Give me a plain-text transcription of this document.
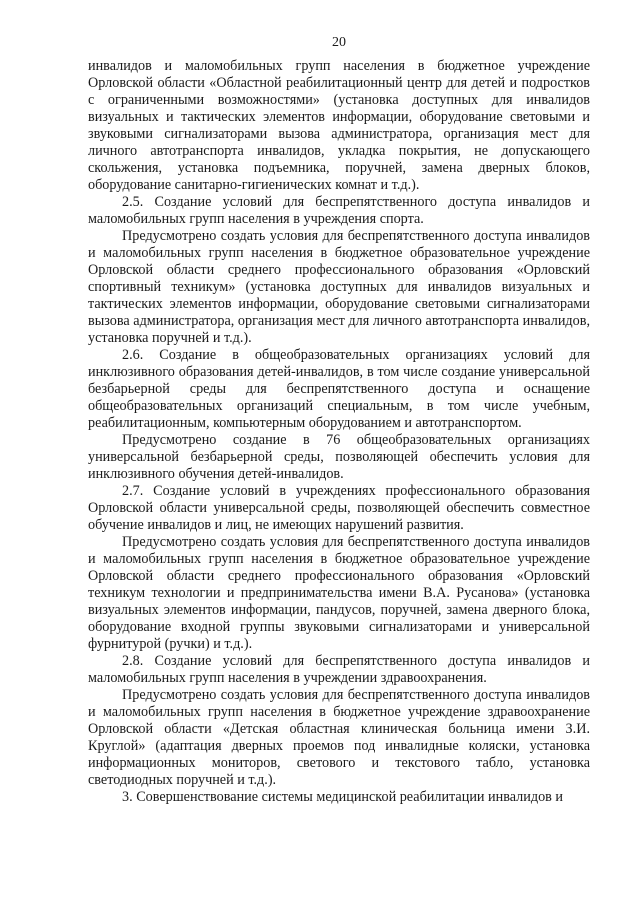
20

инвалидов и маломобильных групп населения в бюджетное учреждение Орловской области «Областной реабилитационный центр для детей и подростков с ограниченными возможностями» (установка доступных для инвалидов визуальных и тактических элементов информации, оборудование световыми и звуковыми сигнализаторами вызова администратора, организация мест для личного автотранспорта инвалидов, укладка покрытия, не допускающего скольжения, установка подъемника, поручней, замена дверных блоков, оборудование санитарно-гигиенических комнат и т.д.).

2.5. Создание условий для беспрепятственного доступа инвалидов и маломобильных групп населения в учреждения спорта.

Предусмотрено создать условия для беспрепятственного доступа инвалидов и маломобильных групп населения в бюджетное образовательное учреждение Орловской области среднего профессионального образования «Орловский спортивный техникум» (установка доступных для инвалидов визуальных и тактических элементов информации, оборудование световыми сигнализаторами вызова администратора, организация мест для личного автотранспорта инвалидов, установка поручней и т.д.).

2.6. Создание в общеобразовательных организациях условий для инклюзивного образования детей-инвалидов, в том числе создание универсальной безбарьерной среды для беспрепятственного доступа и оснащение общеобразовательных организаций специальным, в том числе учебным, реабилитационным, компьютерным оборудованием и автотранспортом.

Предусмотрено создание в 76 общеобразовательных организациях универсальной безбарьерной среды, позволяющей обеспечить условия для инклюзивного обучения детей-инвалидов.

2.7. Создание условий в учреждениях профессионального образования Орловской области универсальной среды, позволяющей обеспечить совместное обучение инвалидов и лиц, не имеющих нарушений развития.

Предусмотрено создать условия для беспрепятственного доступа инвалидов и маломобильных групп населения в бюджетное образовательное учреждение Орловской области среднего профессионального образования «Орловский техникум технологии и предпринимательства имени В.А. Русанова» (установка визуальных элементов информации, пандусов, поручней, замена дверного блока, оборудование входной группы звуковыми сигнализаторами и универсальной фурнитурой (ручки) и т.д.).

2.8. Создание условий для беспрепятственного доступа инвалидов и маломобильных групп населения в учреждении здравоохранения.

Предусмотрено создать условия для беспрепятственного доступа инвалидов и маломобильных групп населения в бюджетное учреждение здравоохранение Орловской области «Детская областная клиническая больница имени З.И. Круглой» (адаптация дверных проемов под инвалидные коляски, установка информационных мониторов, светового и текстового табло, установка светодиодных поручней и т.д.).

3. Совершенствование системы медицинской реабилитации инвалидов и
